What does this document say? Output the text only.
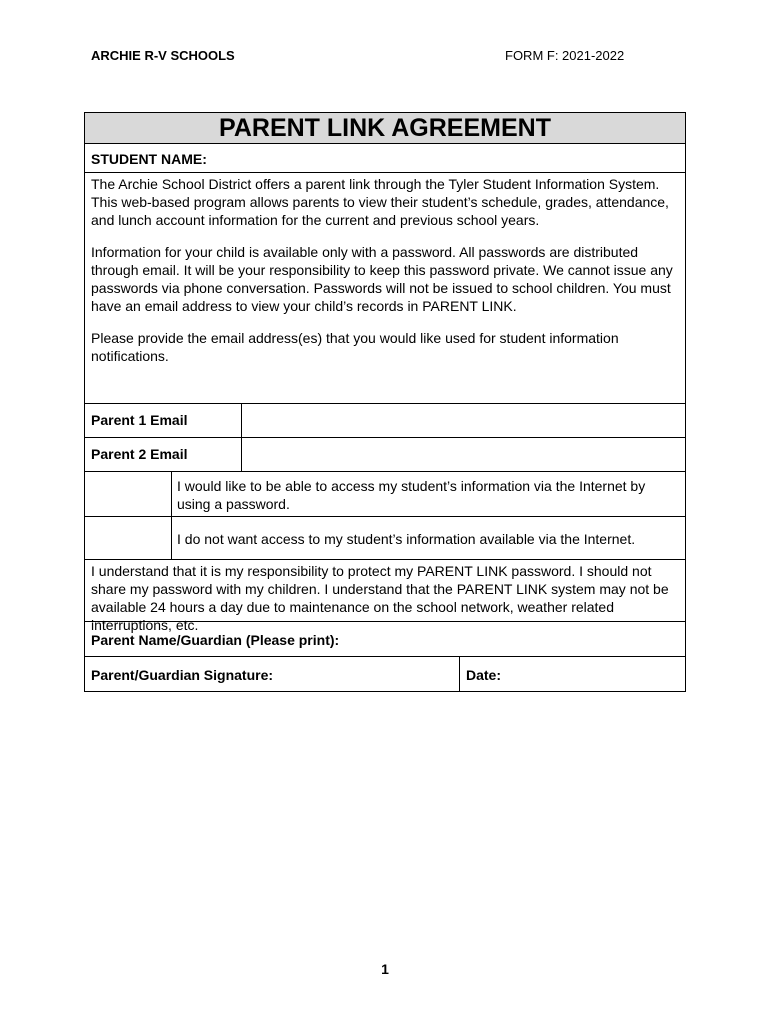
ARCHIE R-V SCHOOLS	FORM F: 2021-2022
PARENT LINK AGREEMENT
STUDENT NAME:

The Archie School District offers a parent link through the Tyler Student Information System. This web-based program allows parents to view their student’s schedule, grades, attendance, and lunch account information for the current and previous school years.

Information for your child is available only with a password. All passwords are distributed through email. It will be your responsibility to keep this password private. We cannot issue any passwords via phone conversation. Passwords will not be issued to school children. You must have an email address to view your child’s records in PARENT LINK.

Please provide the email address(es) that you would like used for student information notifications.

Parent 1 Email
Parent 2 Email
I would like to be able to access my student’s information via the Internet by using a password.
I do not want access to my student’s information available via the Internet.
I understand that it is my responsibility to protect my PARENT LINK password. I should not share my password with my children. I understand that the PARENT LINK system may not be available 24 hours a day due to maintenance on the school network, weather related interruptions, etc.
Parent Name/Guardian (Please print):
Parent/Guardian Signature:	Date:
1
